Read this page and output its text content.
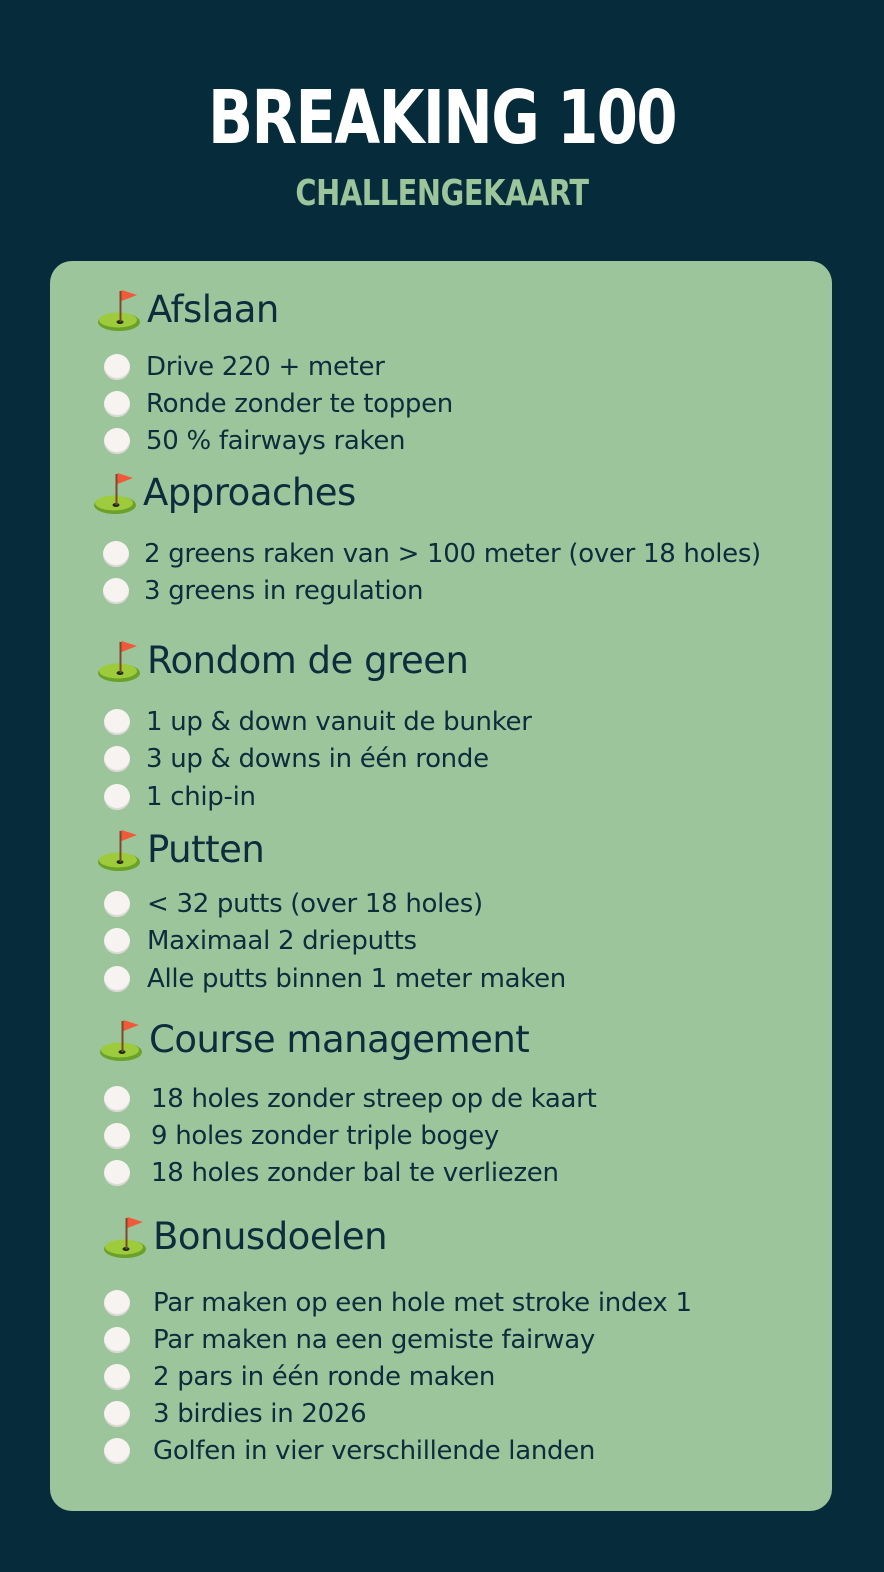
BREAKING 100
CHALLENGEKAART
Afslaan
Drive 220 + meter
Ronde zonder te toppen
50 % fairways raken
Approaches
2 greens raken van > 100 meter (over 18 holes)
3 greens in regulation
Rondom de green
1 up & down vanuit de bunker
3 up & downs in één ronde
1 chip-in
Putten
< 32 putts (over 18 holes)
Maximaal 2 drieputts
Alle putts binnen 1 meter maken
Course management
18 holes zonder streep op de kaart
9 holes zonder triple bogey
18 holes zonder bal te verliezen
Bonusdoelen
Par maken op een hole met stroke index 1
Par maken na een gemiste fairway
2 pars in één ronde maken
3 birdies in 2026
Golfen in vier verschillende landen
